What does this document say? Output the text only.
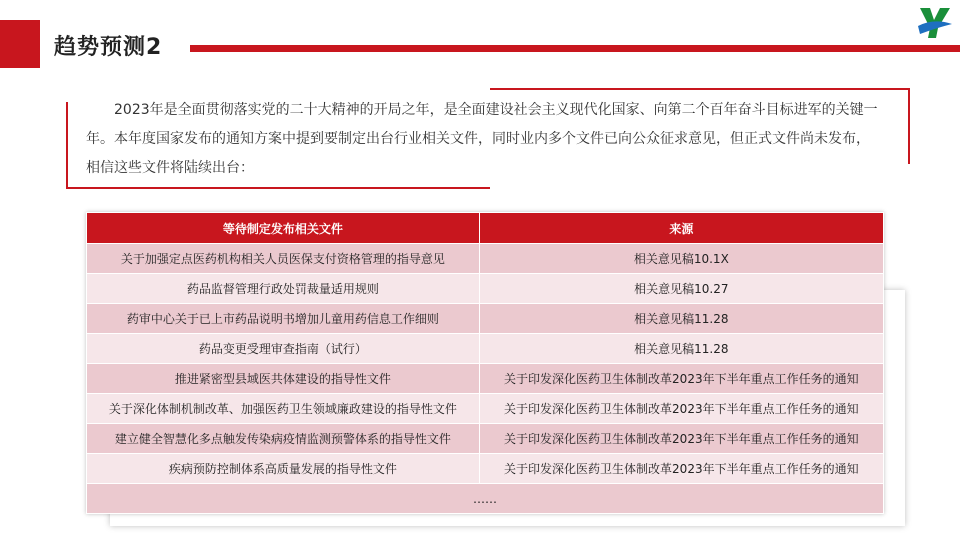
趋势预测2
2023年是全面贯彻落实党的二十大精神的开局之年，是全面建设社会主义现代化国家、向第二个百年奋斗目标进军的关键一年。本年度国家发布的通知方案中提到要制定出台行业相关文件，同时业内多个文件已向公众征求意见，但正式文件尚未发布，相信这些文件将陆续出台：
等待制定发布相关文件	来源
关于加强定点医药机构相关人员医保支付资格管理的指导意见	相关意见稿10.1X
药品监督管理行政处罚裁量适用规则	相关意见稿10.27
药审中心关于已上市药品说明书增加儿童用药信息工作细则	相关意见稿11.28
药品变更受理审查指南（试行）	相关意见稿11.28
推进紧密型县域医共体建设的指导性文件	关于印发深化医药卫生体制改革2023年下半年重点工作任务的通知
关于深化体制机制改革、加强医药卫生领域廉政建设的指导性文件	关于印发深化医药卫生体制改革2023年下半年重点工作任务的通知
建立健全智慧化多点触发传染病疫情监测预警体系的指导性文件	关于印发深化医药卫生体制改革2023年下半年重点工作任务的通知
疾病预防控制体系高质量发展的指导性文件	关于印发深化医药卫生体制改革2023年下半年重点工作任务的通知
……	
